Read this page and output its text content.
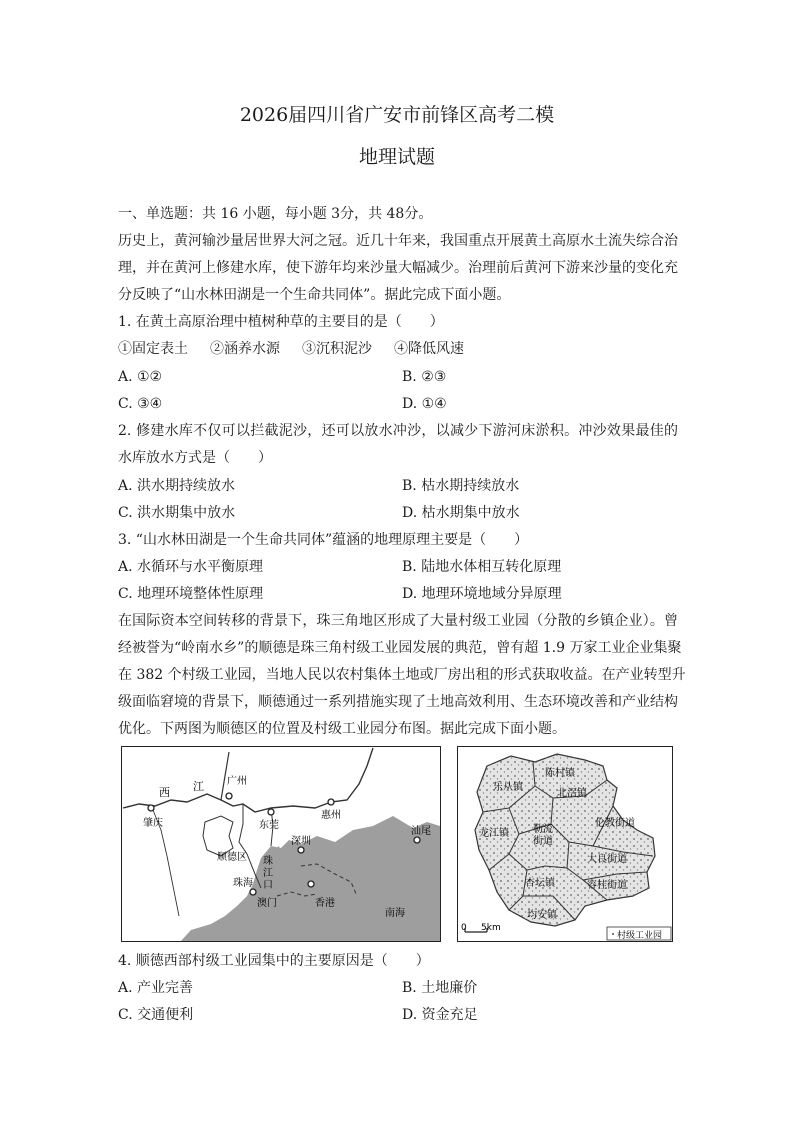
2026届四川省广安市前锋区高考二模
地理试题
一、单选题：共 16 小题，每小题 3分，共 48分。
历史上，黄河输沙量居世界大河之冠。近几十年来，我国重点开展黄土高原水土流失综合治
理，并在黄河上修建水库，使下游年均来沙量大幅减少。治理前后黄河下游来沙量的变化充
分反映了“山水林田湖是一个生命共同体”。据此完成下面小题。
1. 在黄土高原治理中植树种草的主要目的是（　　）
①固定表土 ②涵养水源 ③沉积泥沙 ④降低风速
A. ①②	B. ②③
C. ③④	D. ①④
2. 修建水库不仅可以拦截泥沙，还可以放水冲沙，以减少下游河床淤积。冲沙效果最佳的
水库放水方式是（　　）
A. 洪水期持续放水	B. 枯水期持续放水
C. 洪水期集中放水	D. 枯水期集中放水
3. “山水林田湖是一个生命共同体”蕴涵的地理原理主要是（　　）
A. 水循环与水平衡原理	B. 陆地水体相互转化原理
C. 地理环境整体性原理	D. 地理环境地域分异原理
在国际资本空间转移的背景下，珠三角地区形成了大量村级工业园（分散的乡镇企业）。曾
经被誉为“岭南水乡”的顺德是珠三角村级工业园发展的典范，曾有超 1.9 万家工业企业集聚
在 382 个村级工业园，当地人民以农村集体土地或厂房出租的形式获取收益。在产业转型升
级面临窘境的背景下，顺德通过一系列措施实现了土地高效利用、生态环境改善和产业结构
优化。下两图为顺德区的位置及村级工业园分布图。据此完成下面小题。
西 江
肇庆
广州
东莞
惠州
汕尾
顺德区
深圳
珠
江
口
珠海
澳门	香港
南海
陈村镇
乐从镇
北滘镇
龙江镇 勒流
街道
伦教街道
大良街道
杏坛镇	容桂街道
均安镇
0 5km
村级工业园
4. 顺德西部村级工业园集中的主要原因是（　　）
A. 产业完善	B. 土地廉价
C. 交通便利	D. 资金充足
